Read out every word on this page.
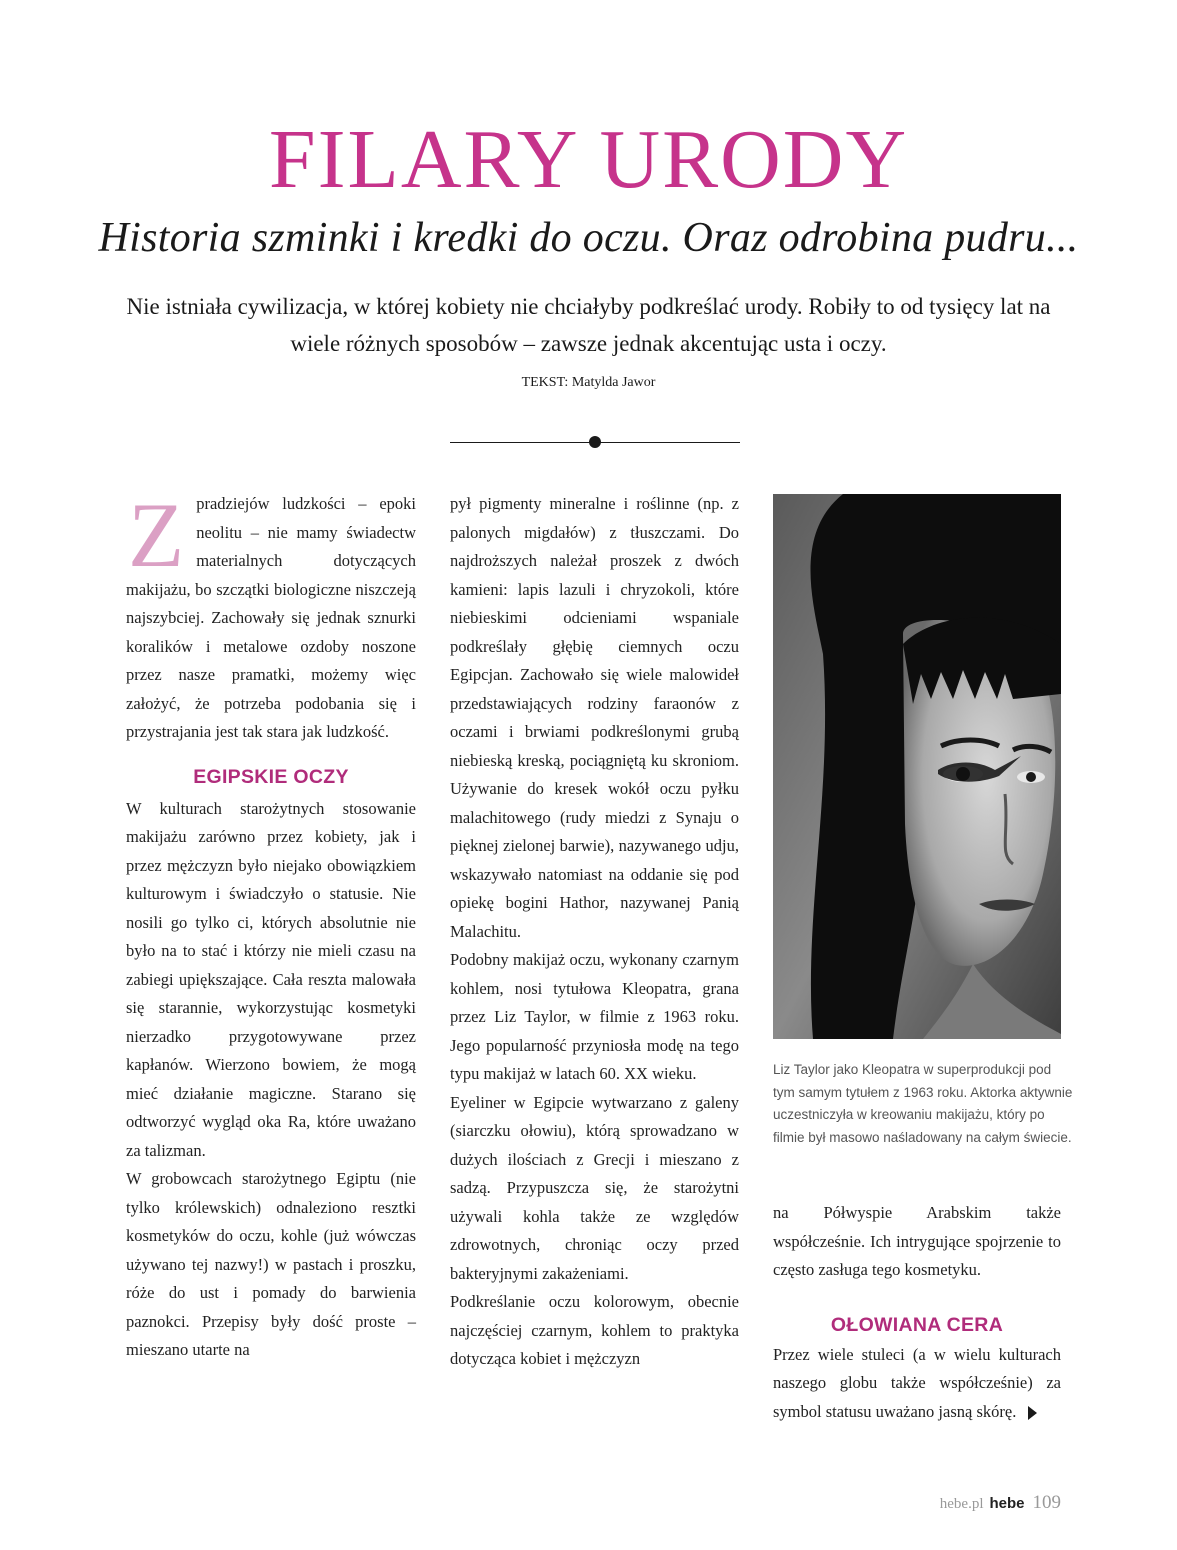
FILARY URODY
Historia szminki i kredki do oczu. Oraz odrobina pudru...
Nie istniała cywilizacja, w której kobiety nie chciałyby podkreślać urody. Robiły to od tysięcy lat na wiele różnych sposobów – zawsze jednak akcentując usta i oczy.
TEKST: Matylda Jawor

Zpradziejów ludzkości – epoki neolitu – nie mamy świadectw materialnych dotyczących makijażu, bo szczątki biologiczne niszczeją najszybciej. Zachowały się jednak sznurki koralików i metalowe ozdoby noszone przez nasze pramatki, możemy więc założyć, że potrzeba podobania się i przystrajania jest tak stara jak ludzkość.

EGIPSKIE OCZY

W kulturach starożytnych stosowanie makijażu zarówno przez kobiety, jak i przez mężczyzn było niejako obowiązkiem kulturowym i świadczyło o statusie. Nie nosili go tylko ci, których absolutnie nie było na to stać i którzy nie mieli czasu na zabiegi upiększające. Cała reszta malowała się starannie, wykorzystując kosmetyki nierzadko przygotowywane przez kapłanów. Wierzono bowiem, że mogą mieć działanie magiczne. Starano się odtworzyć wygląd oka Ra, które uważano za talizman.

W grobowcach starożytnego Egiptu (nie tylko królewskich) odnaleziono resztki kosmetyków do oczu, kohle (już wówczas używano tej nazwy!) w pastach i proszku, róże do ust i pomady do barwienia paznokci. Przepisy były dość proste – mieszano utarte na

pył pigmenty mineralne i roślinne (np. z palonych migdałów) z tłuszczami. Do najdroższych należał proszek z dwóch kamieni: lapis lazuli i chryzokoli, które niebieskimi odcieniami wspaniale podkreślały głębię ciemnych oczu Egipcjan. Zachowało się wiele malowideł przedstawiających rodziny faraonów z oczami i brwiami podkreślonymi grubą niebieską kreską, pociągniętą ku skroniom. Używanie do kresek wokół oczu pyłku malachitowego (rudy miedzi z Synaju o pięknej zielonej barwie), nazywanego udju, wskazywało natomiast na oddanie się pod opiekę bogini Hathor, nazywanej Panią Malachitu.

Podobny makijaż oczu, wykonany czarnym kohlem, nosi tytułowa Kleopatra, grana przez Liz Taylor, w filmie z 1963 roku. Jego popularność przyniosła modę na tego typu makijaż w latach 60. XX wieku.

Eyeliner w Egipcie wytwarzano z galeny (siarczku ołowiu), którą sprowadzano w dużych ilościach z Grecji i mieszano z sadzą. Przypuszcza się, że starożytni używali kohla także ze względów zdrowotnych, chroniąc oczy przed bakteryjnymi zakażeniami.

Podkreślanie oczu kolorowym, obecnie najczęściej czarnym, kohlem to praktyka dotycząca kobiet i mężczyzn

Liz Taylor jako Kleopatra w superprodukcji pod tym samym tytułem z 1963 roku. Aktorka aktywnie uczestniczyła w kreowaniu makijażu, który po filmie był masowo naśladowany na całym świecie.

na Półwyspie Arabskim także współcześnie. Ich intrygujące spojrzenie to często zasługa tego kosmetyku.

OŁOWIANA CERA

Przez wiele stuleci (a w wielu kulturach naszego globu także współcześnie) za symbol statusu uważano jasną skórę.

hebe.pl hebe 109
